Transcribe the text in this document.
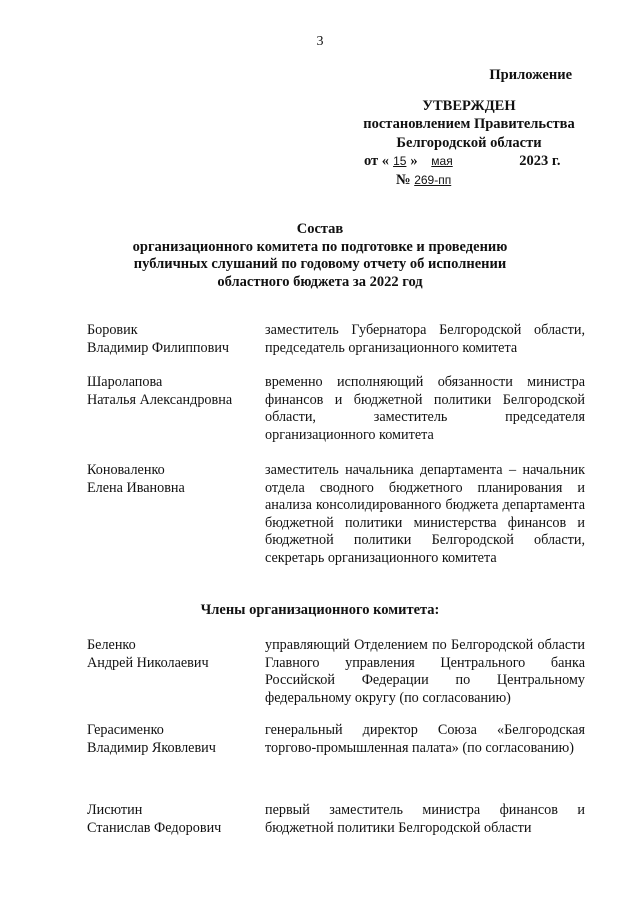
3
Приложение
УТВЕРЖДЕН
постановлением Правительства
Белгородской области
от « 15 » мая	2023 г.
№ 269-пп
Состав
организационного комитета по подготовке и проведению
публичных слушаний по годовому отчету об исполнении
областного бюджета за 2022 год
Боровик
Владимир Филиппович
заместитель Губернатора Белгородской области, председатель организационного комитета
Шаролапова
Наталья Александровна
временно исполняющий обязанности министра финансов и бюджетной политики Белгородской области, заместитель председателя организационного комитета
Коноваленко
Елена Ивановна
заместитель начальника департамента – начальник отдела сводного бюджетного планирования и анализа консолидированного бюджета департамента бюджетной политики министерства финансов и бюджетной политики Белгородской области, секретарь организационного комитета
Члены организационного комитета:
Беленко
Андрей Николаевич
управляющий Отделением по Белгородской области Главного управления Центрального банка Российской Федерации по Центральному федеральному округу (по согласованию)
Герасименко
Владимир Яковлевич
генеральный директор Союза «Белгородская торгово-промышленная палата» (по согласованию)
Лисютин
Станислав Федорович
первый заместитель министра финансов и бюджетной политики Белгородской области
